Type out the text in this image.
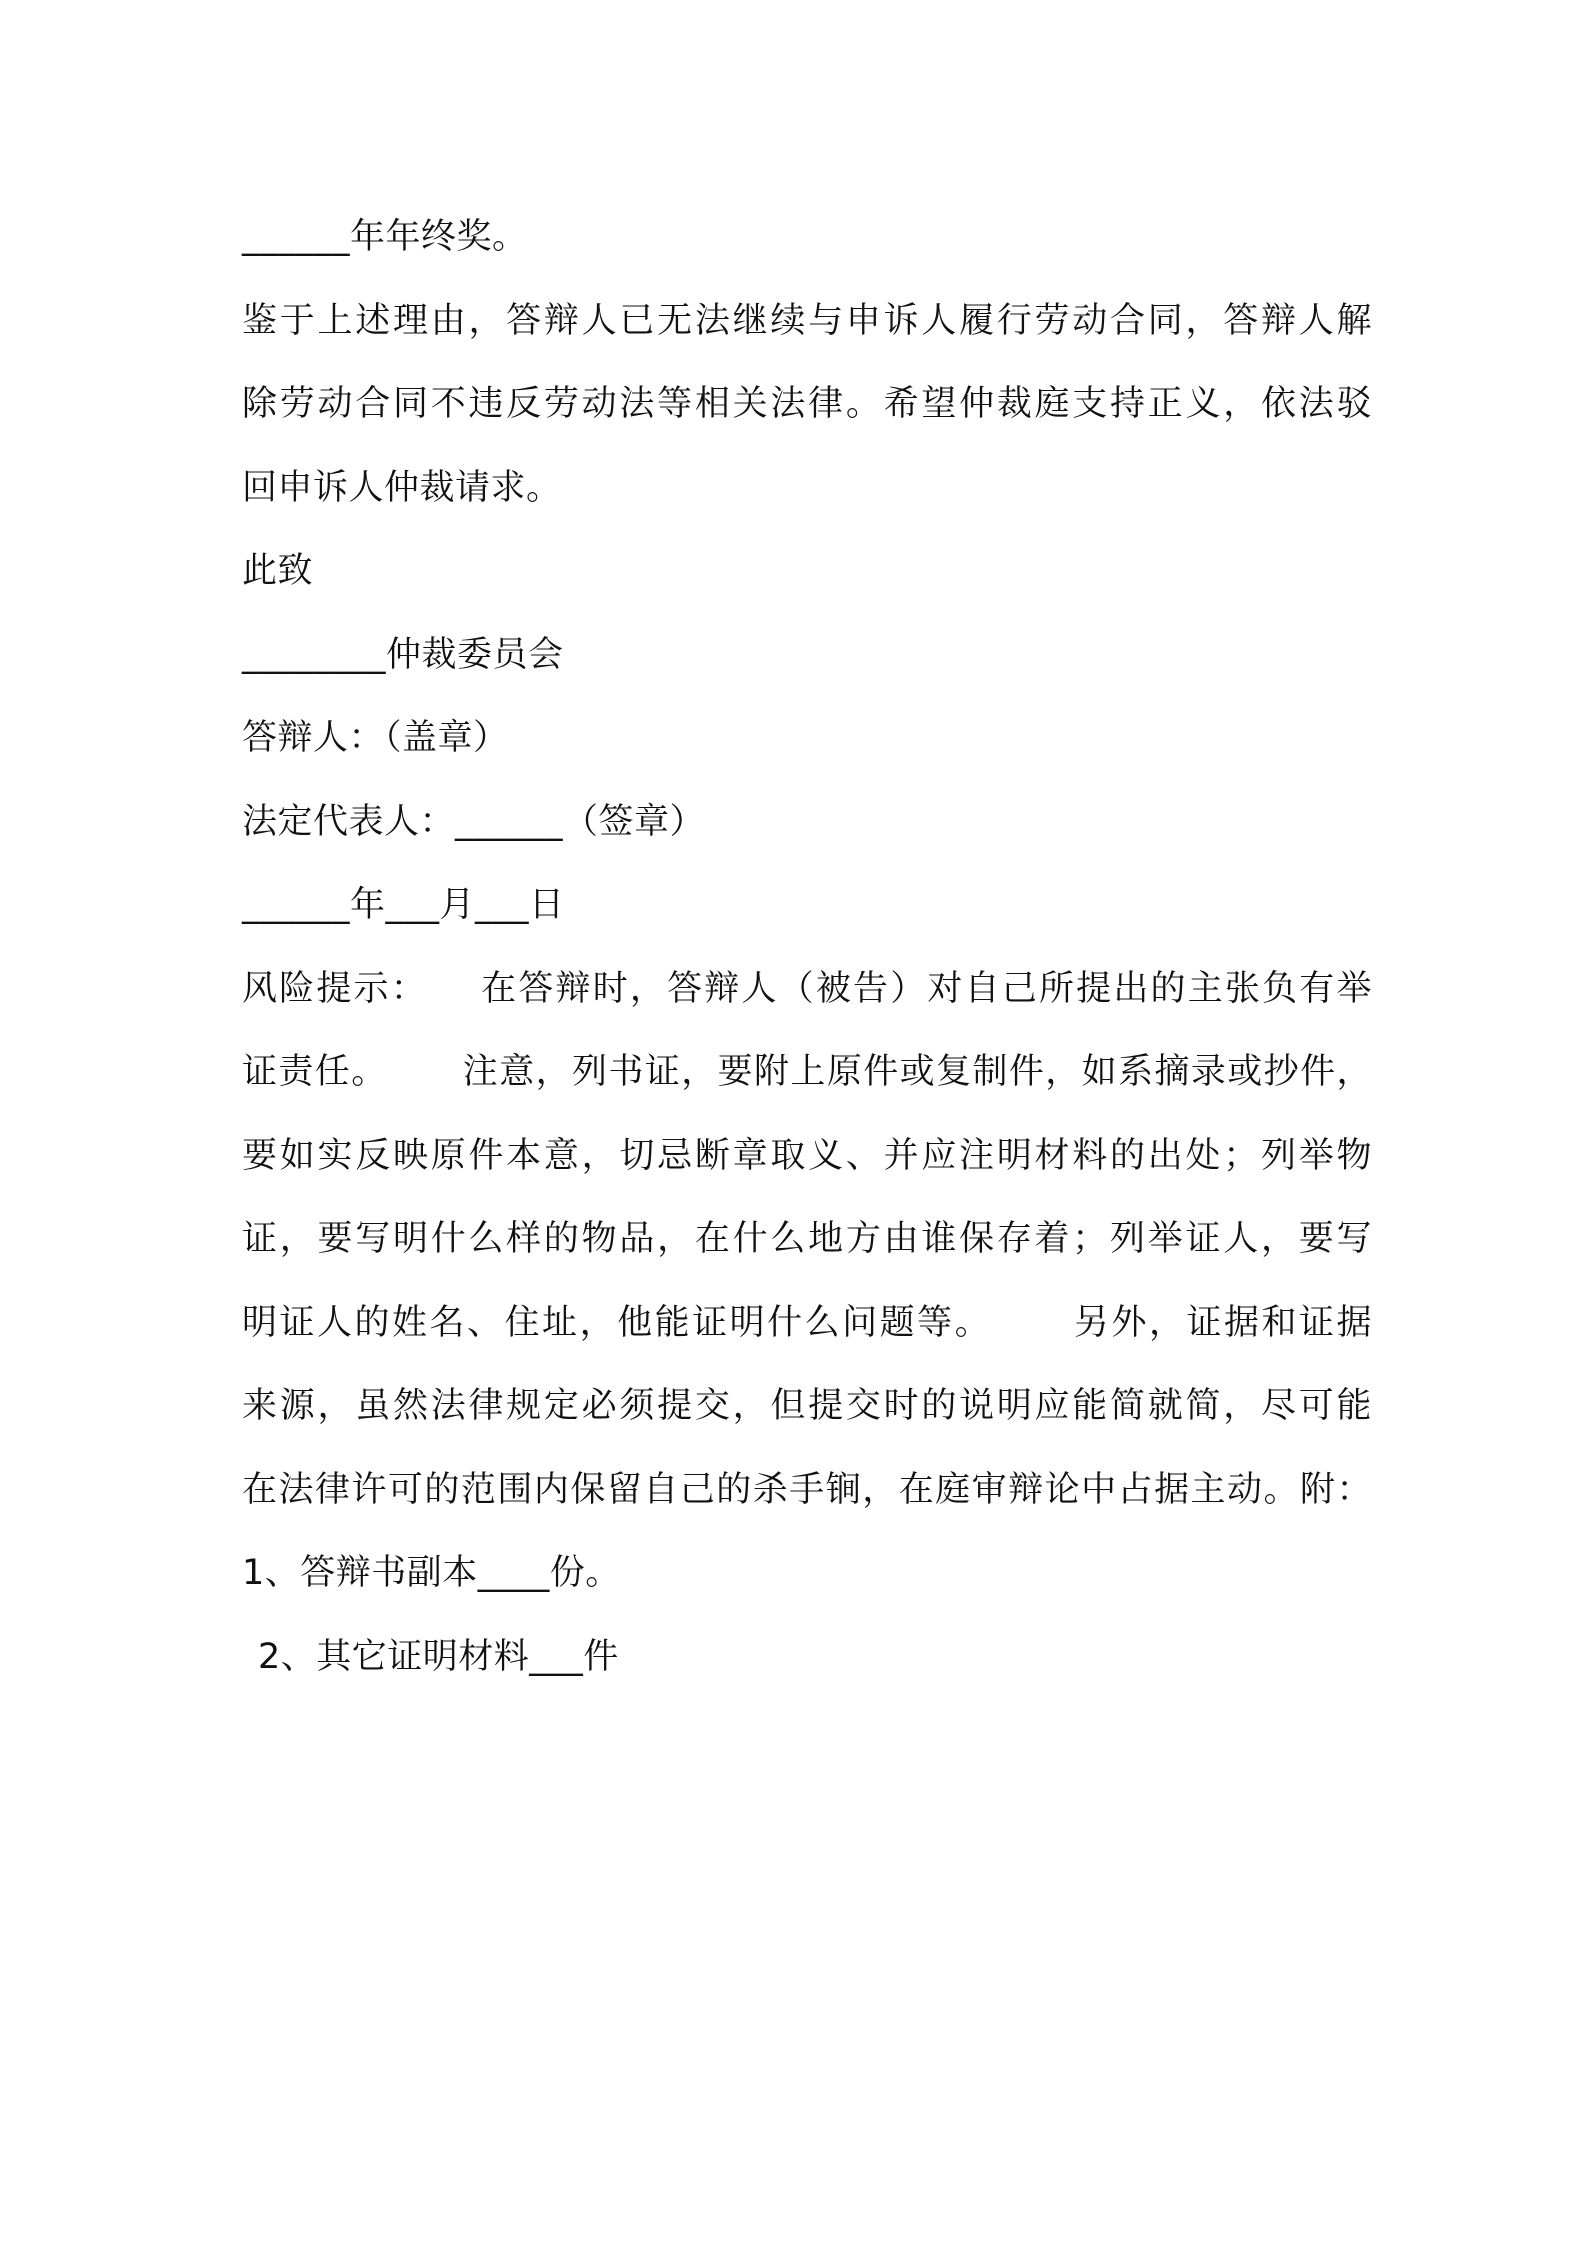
______年年终奖。
鉴于上述理由，答辩人已无法继续与申诉人履行劳动合同，答辩人解
除劳动合同不违反劳动法等相关法律。希望仲裁庭支持正义，依法驳
回申诉人仲裁请求。
此致
________仲裁委员会
答辩人：（盖章）
法定代表人：______（签章）
______年___月___日
风险提示：    在答辩时，答辩人（被告）对自己所提出的主张负有举
证责任。      注意，列书证，要附上原件或复制件，如系摘录或抄件，
要如实反映原件本意，切忌断章取义、并应注明材料的出处；列举物
证，要写明什么样的物品，在什么地方由谁保存着；列举证人，要写
明证人的姓名、住址，他能证明什么问题等。      另外，证据和证据
来源，虽然法律规定必须提交，但提交时的说明应能简就简，尽可能
在法律许可的范围内保留自己的杀手锏，在庭审辩论中占据主动。附：
1、答辩书副本____份。
2、其它证明材料___件
